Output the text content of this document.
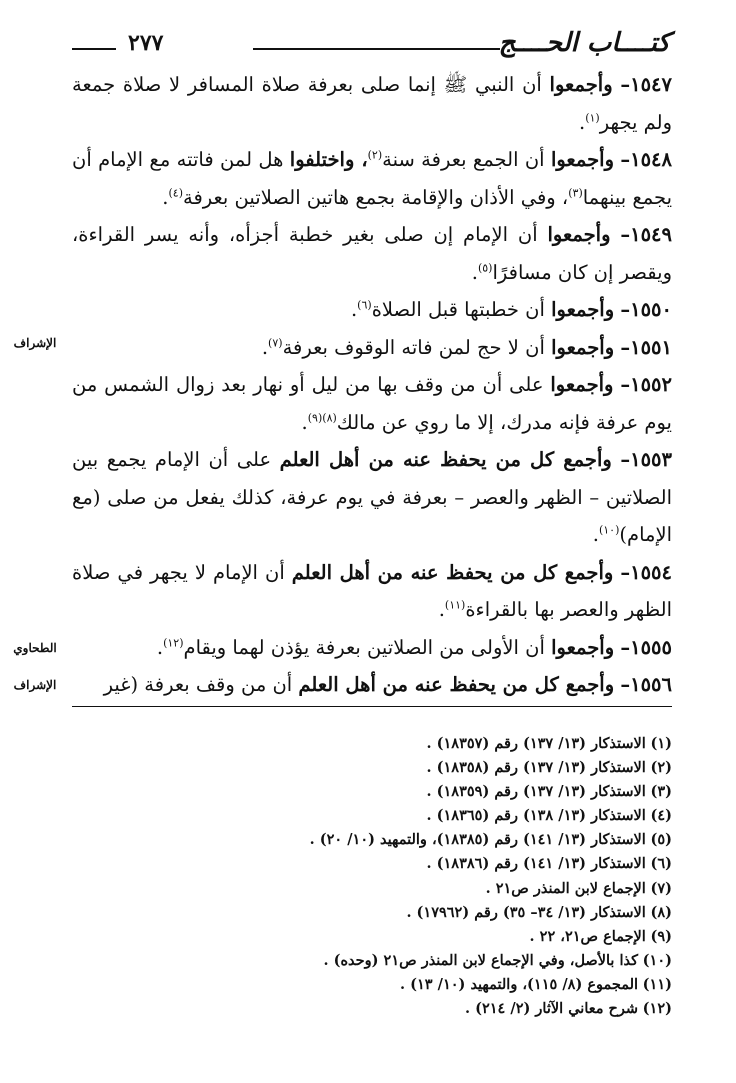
كتــــاب الحــــج
٢٧٧

١٥٤٧– وأجمعوا أن النبي ﷺ إنما صلى بعرفة صلاة المسافر لا صلاة جمعة ولم يجهر$^{(١)}$.

١٥٤٨– وأجمعوا أن الجمع بعرفة سنة$^{(٢)}$، واختلفوا هل لمن فاتته مع الإمام أن يجمع بينهما$^{(٣)}$، وفي الأذان والإقامة بجمع هاتين الصلاتين بعرفة$^{(٤)}$.

١٥٤٩– وأجمعوا أن الإمام إن صلى بغير خطبة أجزأه، وأنه يسر القراءة، ويقصر إن كان مسافرًا$^{(٥)}$.

١٥٥٠– وأجمعوا أن خطبتها قبل الصلاة$^{(٦)}$.

١٥٥١– وأجمعوا أن لا حج لمن فاته الوقوف بعرفة$^{(٧)}$.

١٥٥٢– وأجمعوا على أن من وقف بها من ليل أو نهار بعد زوال الشمس من يوم عرفة فإنه مدرك، إلا ما روي عن مالك$^{(٨)(٩)}$.

١٥٥٣– وأجمع كل من يحفظ عنه من أهل العلم على أن الإمام يجمع بين الصلاتين – الظهر والعصر – بعرفة في يوم عرفة، كذلك يفعل من صلى (مع الإمام)$^{(١٠)}$.

١٥٥٤– وأجمع كل من يحفظ عنه من أهل العلم أن الإمام لا يجهر في صلاة الظهر والعصر بها بالقراءة$^{(١١)}$.

١٥٥٥– وأجمعوا أن الأولى من الصلاتين بعرفة يؤذن لهما ويقام$^{(١٢)}$.

١٥٥٦– وأجمع كل من يحفظ عنه من أهل العلم أن من وقف بعرفة (غير

الإشراف
الطحاوي
الإشراف
(١) الاستذكار (١٣/ ١٣٧) رقم (١٨٣٥٧) .
(٢) الاستذكار (١٣/ ١٣٧) رقم (١٨٣٥٨) .
(٣) الاستذكار (١٣/ ١٣٧) رقم (١٨٣٥٩) .
(٤) الاستذكار (١٣/ ١٣٨) رقم (١٨٣٦٥) .
(٥) الاستذكار (١٣/ ١٤١) رقم (١٨٣٨٥)، والتمهيد (١٠/ ٢٠) .
(٦) الاستذكار (١٣/ ١٤١) رقم (١٨٣٨٦) .
(٧) الإجماع لابن المنذر ص٢١ .
(٨) الاستذكار (١٣/ ٣٤– ٣٥) رقم (١٧٩٦٢) .
(٩) الإجماع ص٢١، ٢٢ .
(١٠) كذا بالأصل، وفي الإجماع لابن المنذر ص٢١ (وحده) .
(١١) المجموع (٨/ ١١٥)، والتمهيد (١٠/ ١٣) .
(١٢) شرح معاني الآثار (٢/ ٢١٤) .
